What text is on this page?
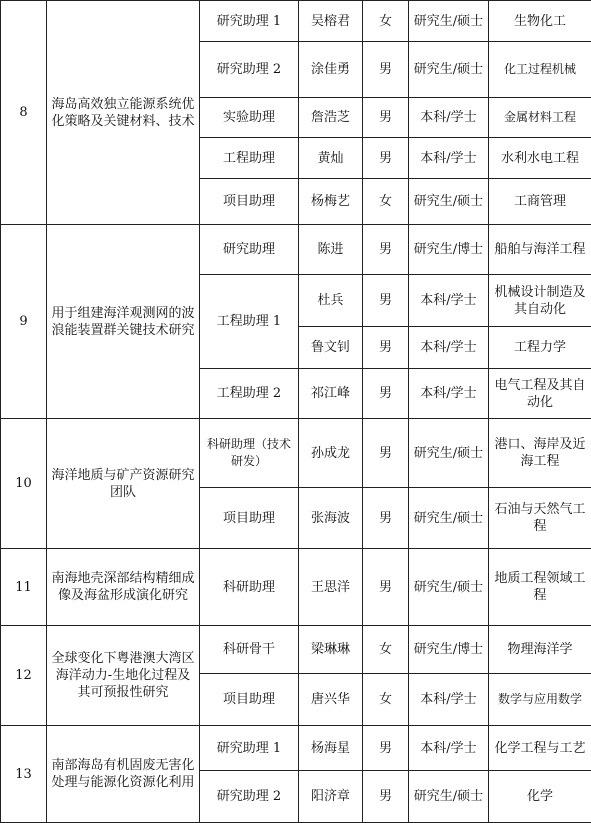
8	海岛高效独立能源系统优化策略及关键材料、技术	研究助理 1	吴榕君	女	研究生/硕士	生物化工
		研究助理 2	涂佳勇	男	研究生/硕士	化工过程机械
		实验助理	詹浩芝	男	本科/学士	金属材料工程
		工程助理	黄灿	男	本科/学士	水利水电工程
		项目助理	杨梅艺	女	研究生/硕士	工商管理
9	用于组建海洋观测网的波浪能装置群关键技术研究	研究助理	陈进	男	研究生/博士	船舶与海洋工程
		工程助理 1	杜兵	男	本科/学士	机械设计制造及其自动化
			鲁文钊	男	本科/学士	工程力学
		工程助理 2	祁江峰	男	本科/学士	电气工程及其自动化
10	海洋地质与矿产资源研究团队	科研助理（技术研发）	孙成龙	男	研究生/硕士	港口、海岸及近海工程
		项目助理	张海波	男	研究生/硕士	石油与天然气工程
11	南海地壳深部结构精细成像及海盆形成演化研究	科研助理	王思洋	男	研究生/硕士	地质工程领域工程
12	全球变化下粤港澳大湾区海洋动力-生地化过程及其可预报性研究	科研骨干	梁琳琳	女	研究生/博士	物理海洋学
		项目助理	唐兴华	女	本科/学士	数学与应用数学
13	南部海岛有机固废无害化处理与能源化资源化利用	研究助理 1	杨海星	男	本科/学士	化学工程与工艺
		研究助理 2	阳济章	男	研究生/硕士	化学
